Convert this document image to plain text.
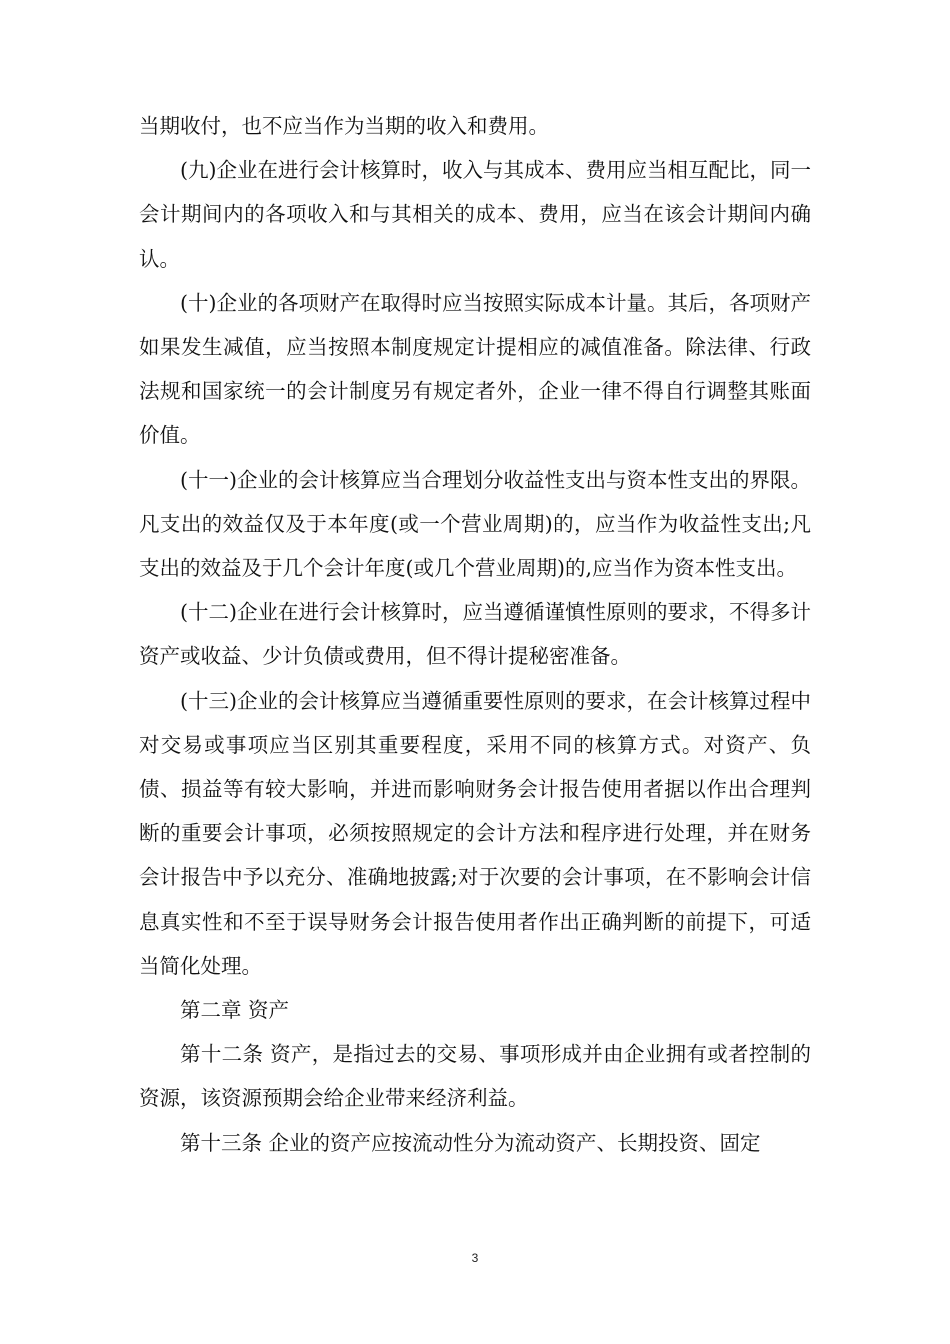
当期收付，也不应当作为当期的收入和费用。

(九)企业在进行会计核算时，收入与其成本、费用应当相互配比，同一会计期间内的各项收入和与其相关的成本、费用，应当在该会计期间内确认。

(十)企业的各项财产在取得时应当按照实际成本计量。其后，各项财产如果发生减值，应当按照本制度规定计提相应的减值准备。除法律、行政法规和国家统一的会计制度另有规定者外，企业一律不得自行调整其账面价值。

(十一)企业的会计核算应当合理划分收益性支出与资本性支出的界限。凡支出的效益仅及于本年度(或一个营业周期)的，应当作为收益性支出;凡支出的效益及于几个会计年度(或几个营业周期)的,应当作为资本性支出。

(十二)企业在进行会计核算时，应当遵循谨慎性原则的要求，不得多计资产或收益、少计负债或费用，但不得计提秘密准备。

(十三)企业的会计核算应当遵循重要性原则的要求，在会计核算过程中对交易或事项应当区别其重要程度，采用不同的核算方式。对资产、负债、损益等有较大影响，并进而影响财务会计报告使用者据以作出合理判断的重要会计事项，必须按照规定的会计方法和程序进行处理，并在财务会计报告中予以充分、准确地披露;对于次要的会计事项，在不影响会计信息真实性和不至于误导财务会计报告使用者作出正确判断的前提下，可适当简化处理。

第二章 资产

第十二条 资产，是指过去的交易、事项形成并由企业拥有或者控制的资源，该资源预期会给企业带来经济利益。

第十三条 企业的资产应按流动性分为流动资产、长期投资、固定

3
